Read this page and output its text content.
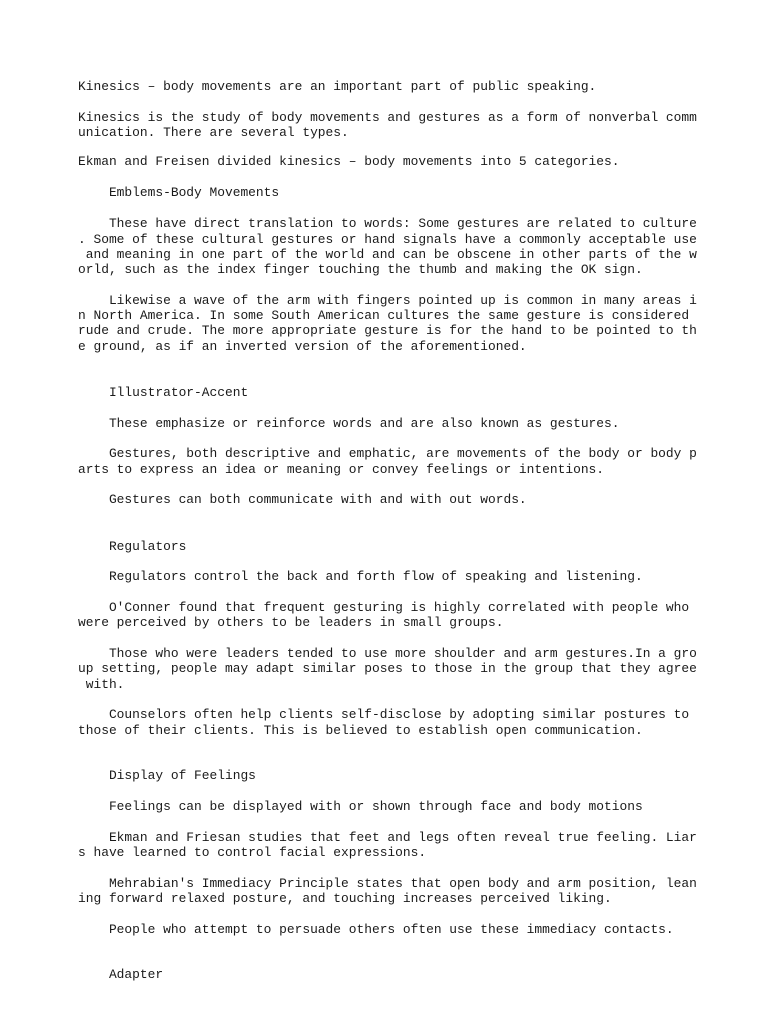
Kinesics – body movements are an important part of public speaking.
Kinesics is the study of body movements and gestures as a form of nonverbal comm
unication. There are several types.
Ekman and Freisen divided kinesics – body movements into 5 categories.
Emblems-Body Movements
These have direct translation to words: Some gestures are related to culture
. Some of these cultural gestures or hand signals have a commonly acceptable use
and meaning in one part of the world and can be obscene in other parts of the w
orld, such as the index finger touching the thumb and making the OK sign.
Likewise a wave of the arm with fingers pointed up is common in many areas i
n North America. In some South American cultures the same gesture is considered
rude and crude. The more appropriate gesture is for the hand to be pointed to th
e ground, as if an inverted version of the aforementioned.
Illustrator-Accent
These emphasize or reinforce words and are also known as gestures.
Gestures, both descriptive and emphatic, are movements of the body or body p
arts to express an idea or meaning or convey feelings or intentions.
Gestures can both communicate with and with out words.
Regulators
Regulators control the back and forth flow of speaking and listening.
O'Conner found that frequent gesturing is highly correlated with people who
were perceived by others to be leaders in small groups.
Those who were leaders tended to use more shoulder and arm gestures.In a gro
up setting, people may adapt similar poses to those in the group that they agree
with.
Counselors often help clients self-disclose by adopting similar postures to
those of their clients. This is believed to establish open communication.
Display of Feelings
Feelings can be displayed with or shown through face and body motions
Ekman and Friesan studies that feet and legs often reveal true feeling. Liar
s have learned to control facial expressions.
Mehrabian's Immediacy Principle states that open body and arm position, lean
ing forward relaxed posture, and touching increases perceived liking.
People who attempt to persuade others often use these immediacy contacts.
Adapter
